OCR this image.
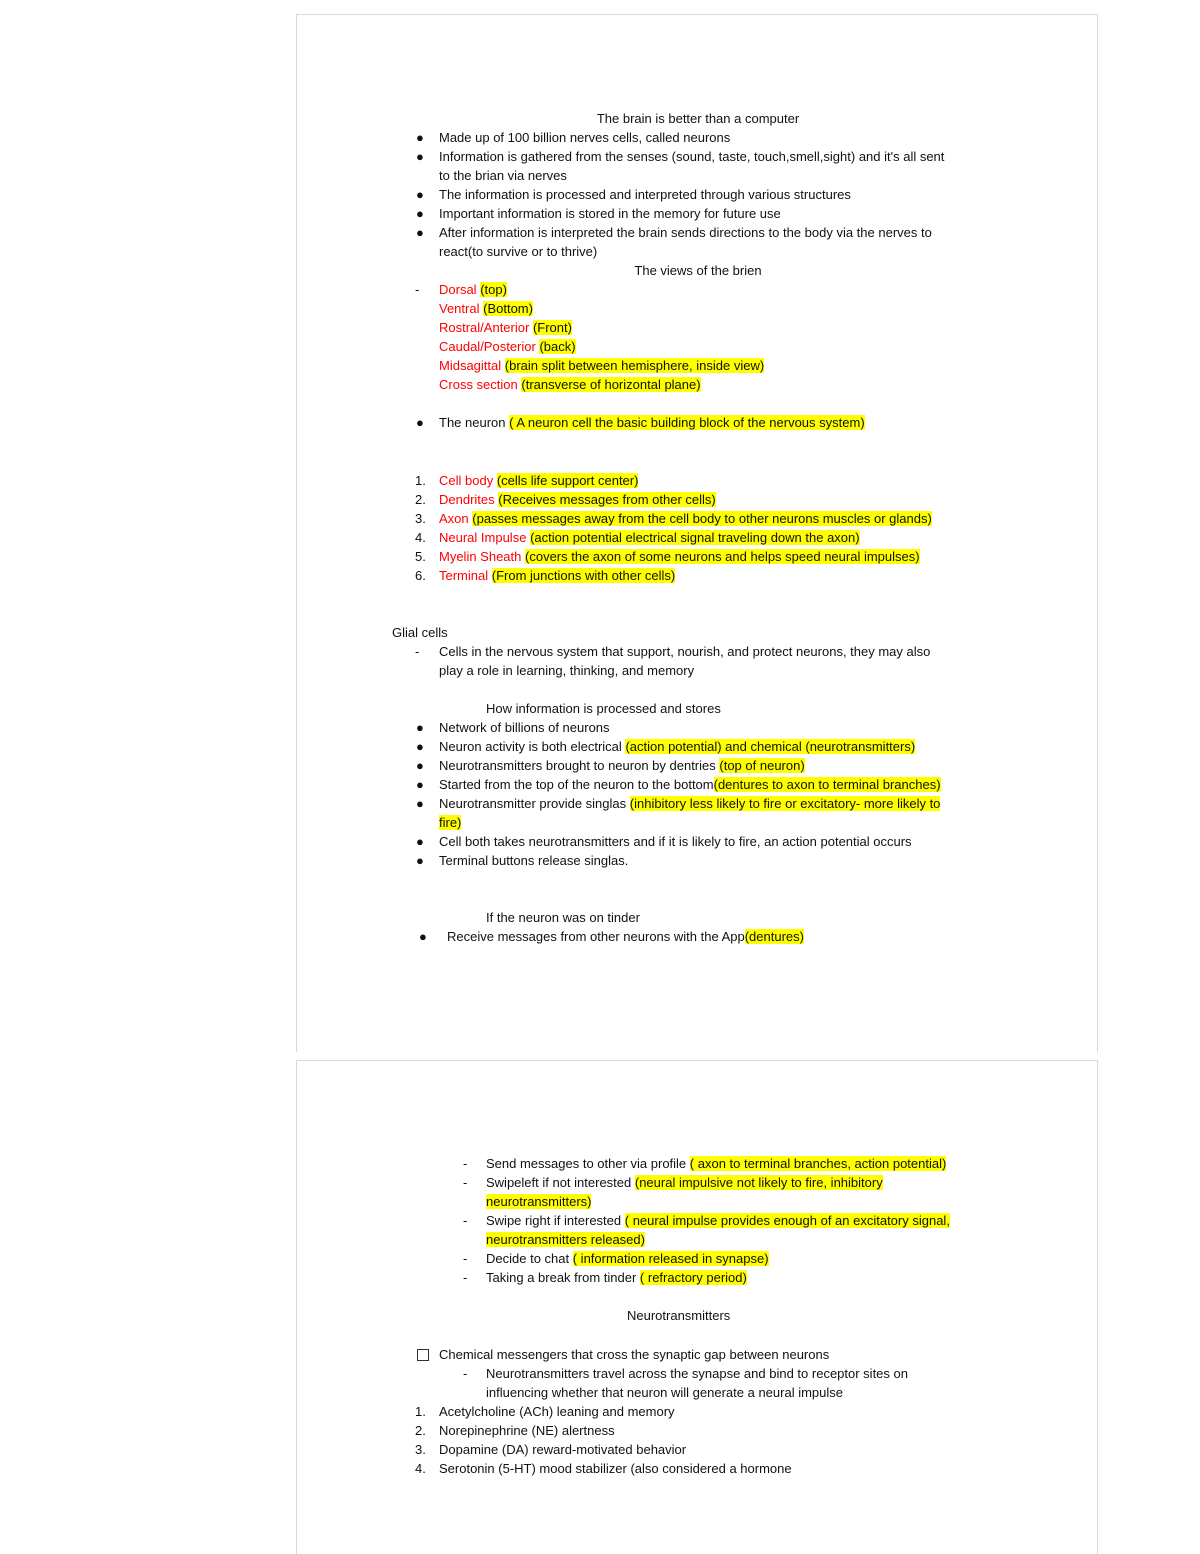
The brain is better than a computer
● Made up of 100 billion nerves cells, called neurons
● Information is gathered from the senses (sound, taste, touch,smell,sight) and it's all sent
to the brian via nerves
● The information is processed and interpreted through various structures
● Important information is stored in the memory for future use
● After information is interpreted the brain sends directions to the body via the nerves to
react(to survive or to thrive)
The views of the brien
- Dorsal (top)
Ventral (Bottom)
Rostral/Anterior (Front)
Caudal/Posterior (back)
Midsagittal (brain split between hemisphere, inside view)
Cross section (transverse of horizontal plane)
● The neuron ( A neuron cell the basic building block of the nervous system)
1. Cell body (cells life support center)
2. Dendrites (Receives messages from other cells)
3. Axon (passes messages away from the cell body to other neurons muscles or glands)
4. Neural Impulse (action potential electrical signal traveling down the axon)
5. Myelin Sheath (covers the axon of some neurons and helps speed neural impulses)
6. Terminal (From junctions with other cells)
Glial cells
- Cells in the nervous system that support, nourish, and protect neurons, they may also
play a role in learning, thinking, and memory
How information is processed and stores
● Network of billions of neurons
● Neuron activity is both electrical (action potential) and chemical (neurotransmitters)
● Neurotransmitters brought to neuron by dentries (top of neuron)
● Started from the top of the neuron to the bottom(dentures to axon to terminal branches)
● Neurotransmitter provide singlas (inhibitory less likely to fire or excitatory- more likely to
fire)
● Cell both takes neurotransmitters and if it is likely to fire, an action potential occurs
● Terminal buttons release singlas.
If the neuron was on tinder
● Receive messages from other neurons with the App(dentures)
- Send messages to other via profile ( axon to terminal branches, action potential)
- Swipeleft if not interested (neural impulsive not likely to fire, inhibitory
neurotransmitters)
- Swipe right if interested ( neural impulse provides enough of an excitatory signal,
neurotransmitters released)
- Decide to chat ( information released in synapse)
- Taking a break from tinder ( refractory period)
Neurotransmitters
Chemical messengers that cross the synaptic gap between neurons
- Neurotransmitters travel across the synapse and bind to receptor sites on
influencing whether that neuron will generate a neural impulse
1. Acetylcholine (ACh) leaning and memory
2. Norepinephrine (NE) alertness
3. Dopamine (DA) reward-motivated behavior
4. Serotonin (5-HT) mood stabilizer (also considered a hormone
